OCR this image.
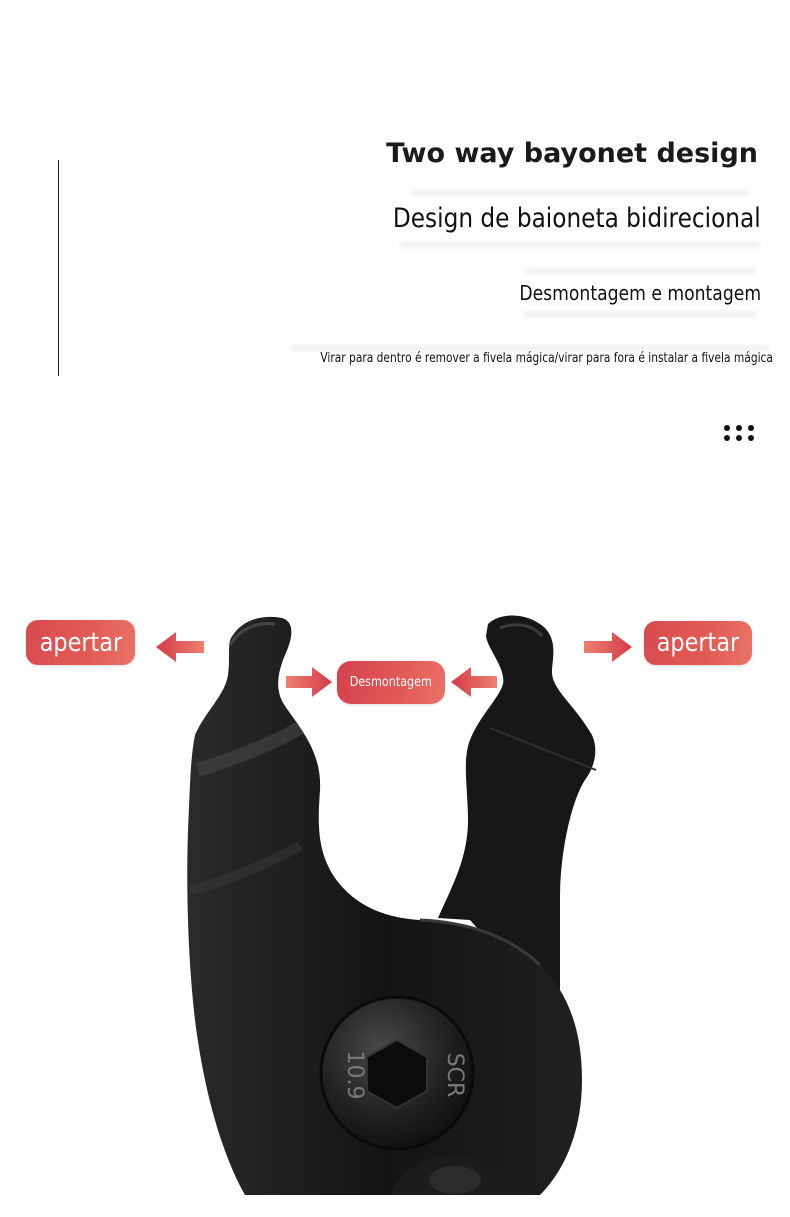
Two way bayonet design
Design de baioneta bidirecional
Desmontagem e montagem
Virar para dentro é remover a fivela mágica/virar para fora é instalar a fivela mágica
10.9	SCR
apertar
Desmontagem
apertar
